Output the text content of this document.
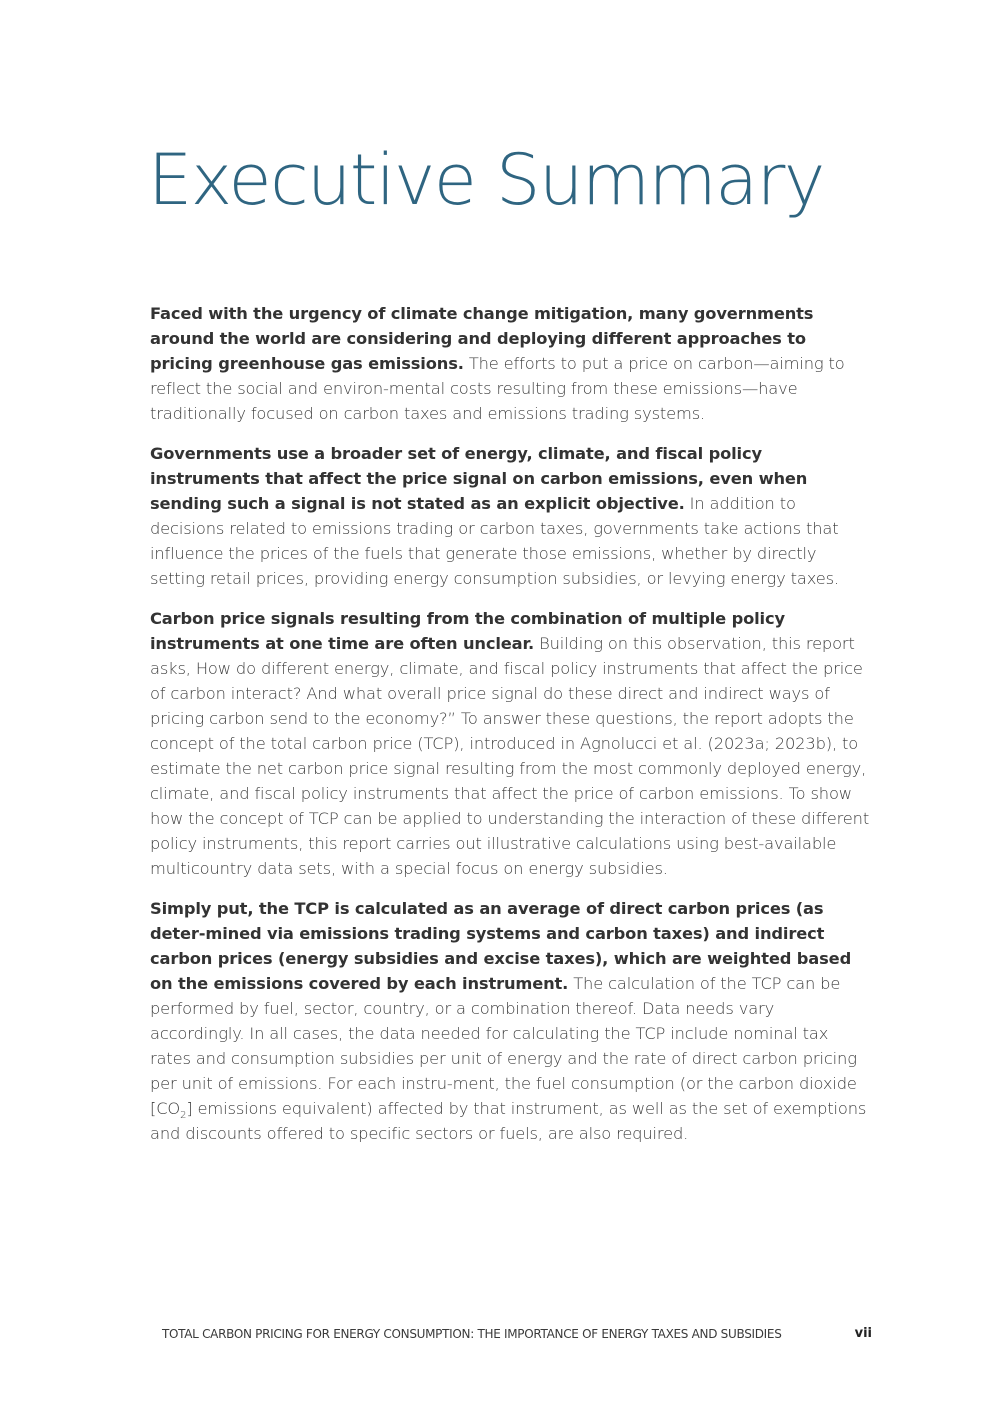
Executive Summary

Faced with the urgency of climate change mitigation, many governments around the world are considering and deploying different approaches to pricing greenhouse gas emissions. The efforts to put a price on carbon—aiming to reflect the social and environ-mental costs resulting from these emissions—have traditionally focused on carbon taxes and emissions trading systems.

Governments use a broader set of energy, climate, and fiscal policy instruments that affect the price signal on carbon emissions, even when sending such a signal is not stated as an explicit objective. In addition to decisions related to emissions trading or carbon taxes, governments take actions that influence the prices of the fuels that generate those emissions, whether by directly setting retail prices, providing energy consumption subsidies, or levying energy taxes.

Carbon price signals resulting from the combination of multiple policy instruments at one time are often unclear. Building on this observation, this report asks, How do different energy, climate, and fiscal policy instruments that affect the price of carbon interact? And what overall price signal do these direct and indirect ways of pricing carbon send to the economy?” To answer these questions, the report adopts the concept of the total carbon price (TCP), introduced in Agnolucci et al. (2023a; 2023b), to estimate the net carbon price signal resulting from the most commonly deployed energy, climate, and fiscal policy instruments that affect the price of carbon emissions. To show how the concept of TCP can be applied to understanding the interaction of these different policy instruments, this report carries out illustrative calculations using best-available multicountry data sets, with a special focus on energy subsidies.

Simply put, the TCP is calculated as an average of direct carbon prices (as deter-mined via emissions trading systems and carbon taxes) and indirect carbon prices (energy subsidies and excise taxes), which are weighted based on the emissions covered by each instrument. The calculation of the TCP can be performed by fuel, sector, country, or a combination thereof. Data needs vary accordingly. In all cases, the data needed for calculating the TCP include nominal tax rates and consumption subsidies per unit of energy and the rate of direct carbon pricing per unit of emissions. For each instru-ment, the fuel consumption (or the carbon dioxide $[CO_2]$ emissions equivalent) affected by that instrument, as well as the set of exemptions and discounts offered to specific sectors or fuels, are also required.

TOTAL CARBON PRICING FOR ENERGY CONSUMPTION: THE IMPORTANCE OF ENERGY TAXES AND SUBSIDIES	vii
